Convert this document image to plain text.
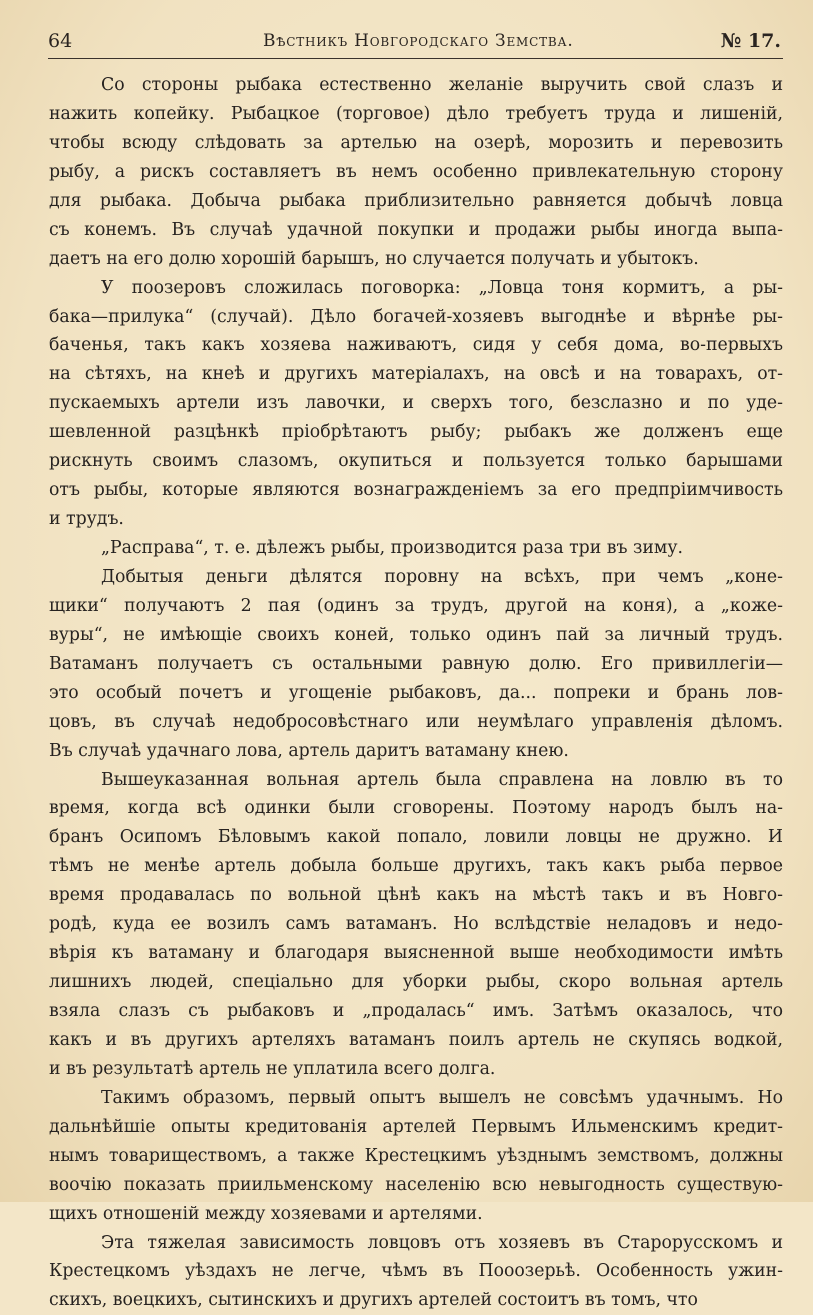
64	Вѣстникъ Новгородскаго Земства.	№ 17.

Со стороны рыбака естественно желаніе выручить свой слазъ и
нажить копейку. Рыбацкое (торговое) дѣло требуетъ труда и лишеній,
чтобы всюду слѣдовать за артелью на озерѣ, морозить и перевозить
рыбу, а рискъ составляетъ въ немъ особенно привлекательную сторону
для рыбака. Добыча рыбака приблизительно равняется добычѣ ловца
съ конемъ. Въ случаѣ удачной покупки и продажи рыбы иногда выпа-
даетъ на его долю хорошій барышъ, но случается получать и убытокъ.

У поозеровъ сложилась поговорка: „Ловца тоня кормитъ, а ры-
бака—прилука“ (случай). Дѣло богачей-хозяевъ выгоднѣе и вѣрнѣе ры-
баченья, такъ какъ хозяева наживаютъ, сидя у себя дома, во-первыхъ
на сѣтяхъ, на кнеѣ и другихъ матеріалахъ, на овсѣ и на товарахъ, от-
пускаемыхъ артели изъ лавочки, и сверхъ того, безслазно и по уде-
шевленной разцѣнкѣ пріобрѣтаютъ рыбу; рыбакъ же долженъ еще
рискнуть своимъ слазомъ, окупиться и пользуется только барышами
отъ рыбы, которые являются вознагражденіемъ за его предпріимчивость
и трудъ.

„Расправа“, т. е. дѣлежъ рыбы, производится раза три въ зиму.

Добытыя деньги дѣлятся поровну на всѣхъ, при чемъ „коне-
щики“ получаютъ 2 пая (одинъ за трудъ, другой на коня), а „коже-
вуры“, не имѣющіе своихъ коней, только одинъ пай за личный трудъ.
Ватаманъ получаетъ съ остальными равную долю. Его привиллегіи—
это особый почетъ и угощеніе рыбаковъ, да... попреки и брань лов-
цовъ, въ случаѣ недобросовѣстнаго или неумѣлаго управленія дѣломъ.
Въ случаѣ удачнаго лова, артель даритъ ватаману кнею.

Вышеуказанная вольная артель была справлена на ловлю въ то
время, когда всѣ одинки были сговорены. Поэтому народъ былъ на-
бранъ Осипомъ Бѣловымъ какой попало, ловили ловцы не дружно. И
тѣмъ не менѣе артель добыла больше другихъ, такъ какъ рыба первое
время продавалась по вольной цѣнѣ какъ на мѣстѣ такъ и въ Новго-
родѣ, куда ее возилъ самъ ватаманъ. Но вслѣдствіе неладовъ и недо-
вѣрія къ ватаману и благодаря выясненной выше необходимости имѣть
лишнихъ людей, спеціально для уборки рыбы, скоро вольная артель
взяла слазъ съ рыбаковъ и „продалась“ имъ. Затѣмъ оказалось, что
какъ и въ другихъ артеляхъ ватаманъ поилъ артель не скупясь водкой,
и въ результатѣ артель не уплатила всего долга.

Такимъ образомъ, первый опытъ вышелъ не совсѣмъ удачнымъ. Но
дальнѣйшіе опыты кредитованія артелей Первымъ Ильменскимъ кредит-
нымъ товариществомъ, а также Крестецкимъ уѣзднымъ земствомъ, должны
воочію показать приильменскому населенію всю невыгодность существую-
щихъ отношеній между хозяевами и артелями.

Эта тяжелая зависимость ловцовъ отъ хозяевъ въ Старорусскомъ и
Крестецкомъ уѣздахъ не легче, чѣмъ въ Пооозерьѣ. Особенность ужин-
скихъ, воецкихъ, сытинскихъ и другихъ артелей состоитъ въ томъ, что
